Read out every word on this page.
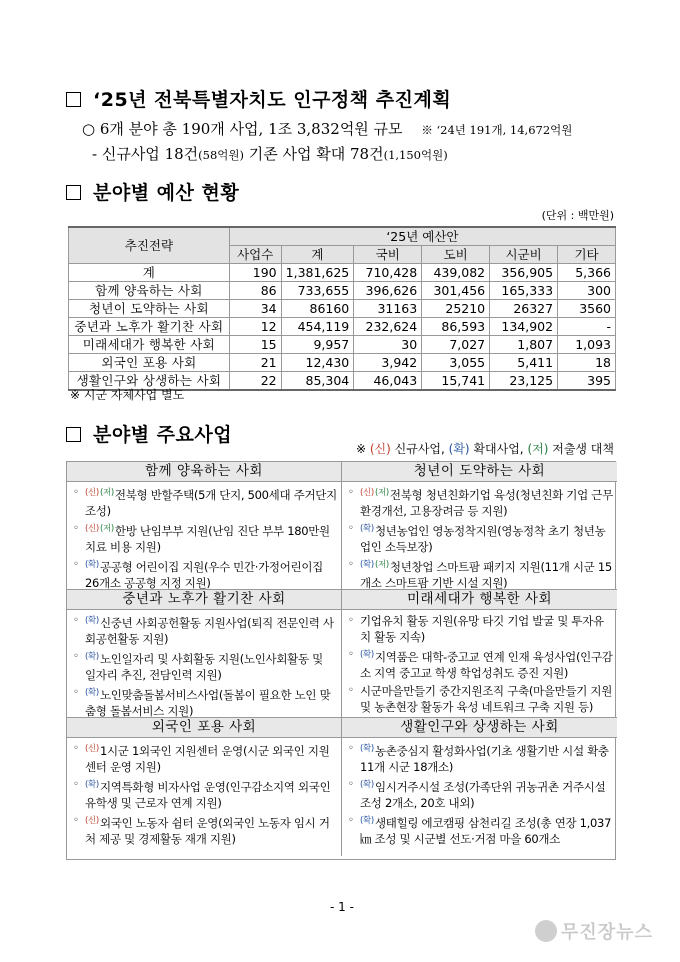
‘25년 전북특별자치도 인구정책 추진계획
○ 6개 분야 총 190개 사업, 1조 3,832억원 규모 ※ ‘24년 191개, 14,672억원
- 신규사업 18건(58억원) 기존 사업 확대 78건(1,150억원)
분야별 예산 현황
(단위 : 백만원)
추진전략	‘25년 예산안					
	사업수	계	국비	도비	시군비	기타
계	190	1,381,625	710,428	439,082	356,905	5,366
함께 양육하는 사회	86	733,655	396,626	301,456	165,333	300
청년이 도약하는 사회	34	86160	31163	25210	26327	3560
중년과 노후가 활기찬 사회	12	454,119	232,624	86,593	134,902	-
미래세대가 행복한 사회	15	9,957	30	7,027	1,807	1,093
외국인 포용 사회	21	12,430	3,942	3,055	5,411	18
생활인구와 상생하는 사회	22	85,304	46,043	15,741	23,125	395
※ 시군 자체사업 별도
분야별 주요사업
※ (신) 신규사업, (확) 확대사업, (저) 저출생 대책
함께 양육하는 사회	청년이 도약하는 사회
◦ $^{(신)(저)}$전북형 반할주택(5개 단지, 500세대 주거단지 조성)
◦ $^{(신)(저)}$한방 난임부부 지원(난임 진단 부부 180만원 치료 비용 지원)
◦ $^{(확)}$공공형 어린이집 지원(우수 민간·가정어린이집 26개소 공공형 지정 지원)
◦ $^{(신)(저)}$전북형 청년친화기업 육성(청년친화 기업 근무환경개선, 고용장려금 등 지원)
◦ $^{(확)}$청년농업인 영농정착지원(영농정착 초기 청년농업인 소득보장)
◦ $^{(확)(저)}$청년창업 스마트팜 패키지 지원(11개 시군 15개소 스마트팜 기반 시설 지원)
중년과 노후가 활기찬 사회	미래세대가 행복한 사회
◦ $^{(확)}$신중년 사회공헌활동 지원사업(퇴직 전문인력 사회공헌활동 지원)
◦ $^{(확)}$노인일자리 및 사회활동 지원(노인사회활동 및 일자리 추진, 전담인력 지원)
◦ $^{(확)}$노인맞춤돌봄서비스사업(돌봄이 필요한 노인 맞춤형 돌봄서비스 지원)
◦ 기업유치 활동 지원(유망 타깃 기업 발굴 및 투자유치 활동 지속)
◦ $^{(확)}$지역품은 대학-중고교 연계 인재 육성사업(인구감소 지역 중고교 학생 학업성취도 증진 지원)
◦ 시군마을만들기 중간지원조직 구축(마을만들기 지원 및 농촌현장 활동가 육성 네트워크 구축 지원 등)
외국인 포용 사회	생활인구와 상생하는 사회
◦ $^{(신)}$1시군 1외국인 지원센터 운영(시군 외국인 지원센터 운영 지원)
◦ $^{(확)}$지역특화형 비자사업 운영(인구감소지역 외국인 유학생 및 근로자 연계 지원)
◦ $^{(신)}$외국인 노동자 쉼터 운영(외국인 노동자 임시 거처 제공 및 경제활동 재개 지원)
◦ $^{(확)}$농촌중심지 활성화사업(기초 생활기반 시설 확충 11개 시군 18개소)
◦ $^{(확)}$임시거주시설 조성(가족단위 귀농귀촌 거주시설 조성 2개소, 20호 내외)
◦ $^{(확)}$생태힐링 에코캠핑 삼천리길 조성(총 연장 1,037㎞ 조성 및 시군별 선도·거점 마을 60개소
- 1 -
무진장뉴스
